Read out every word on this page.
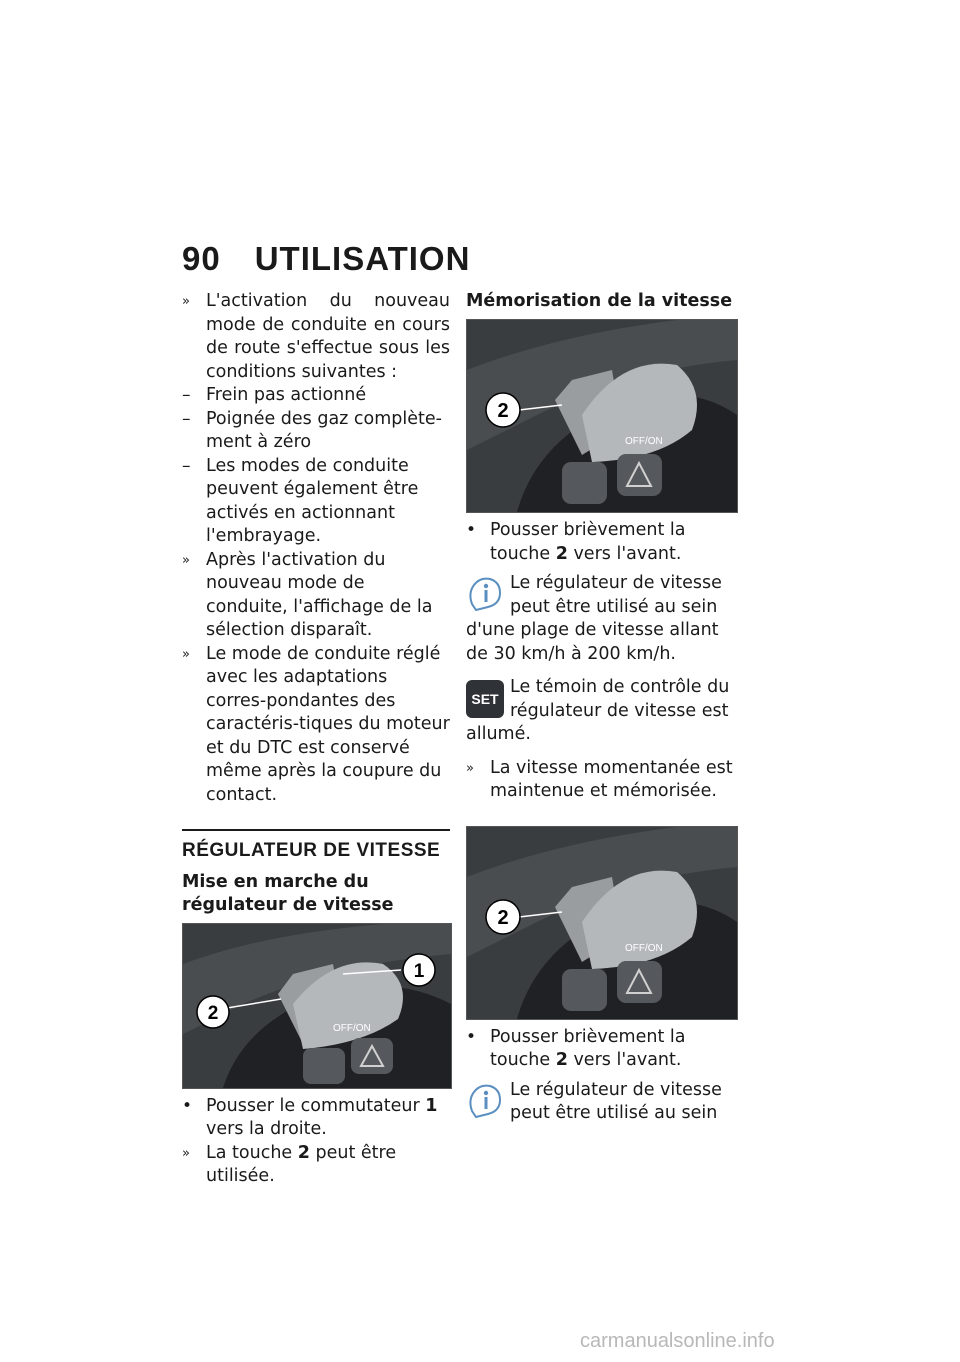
90 UTILISATION
» L'activation du nouveau mode de conduite en cours de route s'effectue sous les conditions suivantes :
– Frein pas actionné
– Poignée des gaz complète-ment à zéro
– Les modes de conduite peuvent également être activés en actionnant l'embrayage.
» Après l'activation du nouveau mode de conduite, l'affichage de la sélection disparaît.
» Le mode de conduite réglé avec les adaptations corres-pondantes des caractéris-tiques du moteur et du DTC est conservé même après la coupure du contact.
RÉGULATEUR DE VITESSE
Mise en marche du régulateur de vitesse
OFF/ON
1
2
• Pousser le commutateur 1 vers la droite.
» La touche 2 peut être utilisée.
Mémorisation de la vitesse
OFF/ON
2
• Pousser brièvement la touche 2 vers l'avant.
Le régulateur de vitesse peut être utilisé au sein
d'une plage de vitesse allant de 30 km/h à 200 km/h.
SET
Le témoin de contrôle du régulateur de vitesse est
allumé.
» La vitesse momentanée est maintenue et mémorisée.
OFF/ON
2
• Pousser brièvement la touche 2 vers l'avant.
Le régulateur de vitesse peut être utilisé au sein
carmanualsonline.info
